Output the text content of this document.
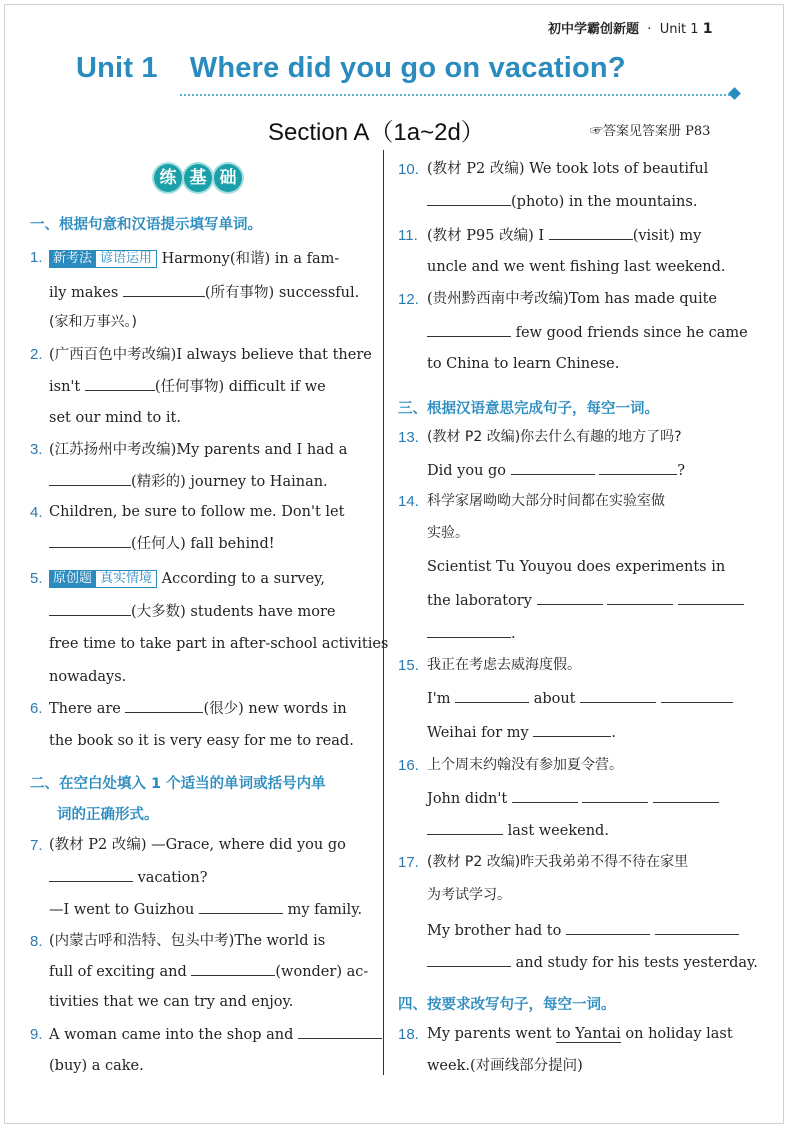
初中学霸创新题  ·  Unit 1 1
Unit 1 Where did you go on vacation?
Section A（1a~2d）	☞答案见答案册 P83
练 基 础
一、根据句意和汉语提示填写单词。
1. 新考法 谚语运用 Harmony(和谐) in a fam-
ily makes	(所有事物) successful.
(家和万事兴。)
2. (广西百色中考改编)I always believe that there
isn't	(任何事物) difficult if we
set our mind to it.
3. (江苏扬州中考改编)My parents and I had a
(精彩的) journey to Hainan.
4. Children, be sure to follow me. Don't let
(任何人) fall behind!
5. 原创题 真实情境 According to a survey,
(大多数) students have more
free time to take part in after-school activities
nowadays.
6. There are	(很少) new words in
the book so it is very easy for me to read.
二、在空白处填入 1 个适当的单词或括号内单
词的正确形式。
7. (教材 P2 改编) —Grace, where did you go
vacation?
—I went to Guizhou	my family.
8. (内蒙古呼和浩特、包头中考)The world is
full of exciting and	(wonder) ac-
tivities that we can try and enjoy.
9. A woman came into the shop and
(buy) a cake.
10. (教材 P2 改编) We took lots of beautiful
(photo) in the mountains.
11. (教材 P95 改编) I	(visit) my
uncle and we went fishing last weekend.
12. (贵州黔西南中考改编)Tom has made quite
few good friends since he came
to China to learn Chinese.
三、根据汉语意思完成句子，每空一词。
13. (教材 P2 改编)你去什么有趣的地方了吗?
Did you go	?
14. 科学家屠呦呦大部分时间都在实验室做
实验。
Scientist Tu Youyou does experiments in
the laboratory
.
15. 我正在考虑去威海度假。
I'm	about
Weihai for my	.
16. 上个周末约翰没有参加夏令营。
John didn't
last weekend.
17. (教材 P2 改编)昨天我弟弟不得不待在家里
为考试学习。
My brother had to
and study for his tests yesterday.
四、按要求改写句子，每空一词。
18. My parents went to Yantai on holiday last
week.(对画线部分提问)
